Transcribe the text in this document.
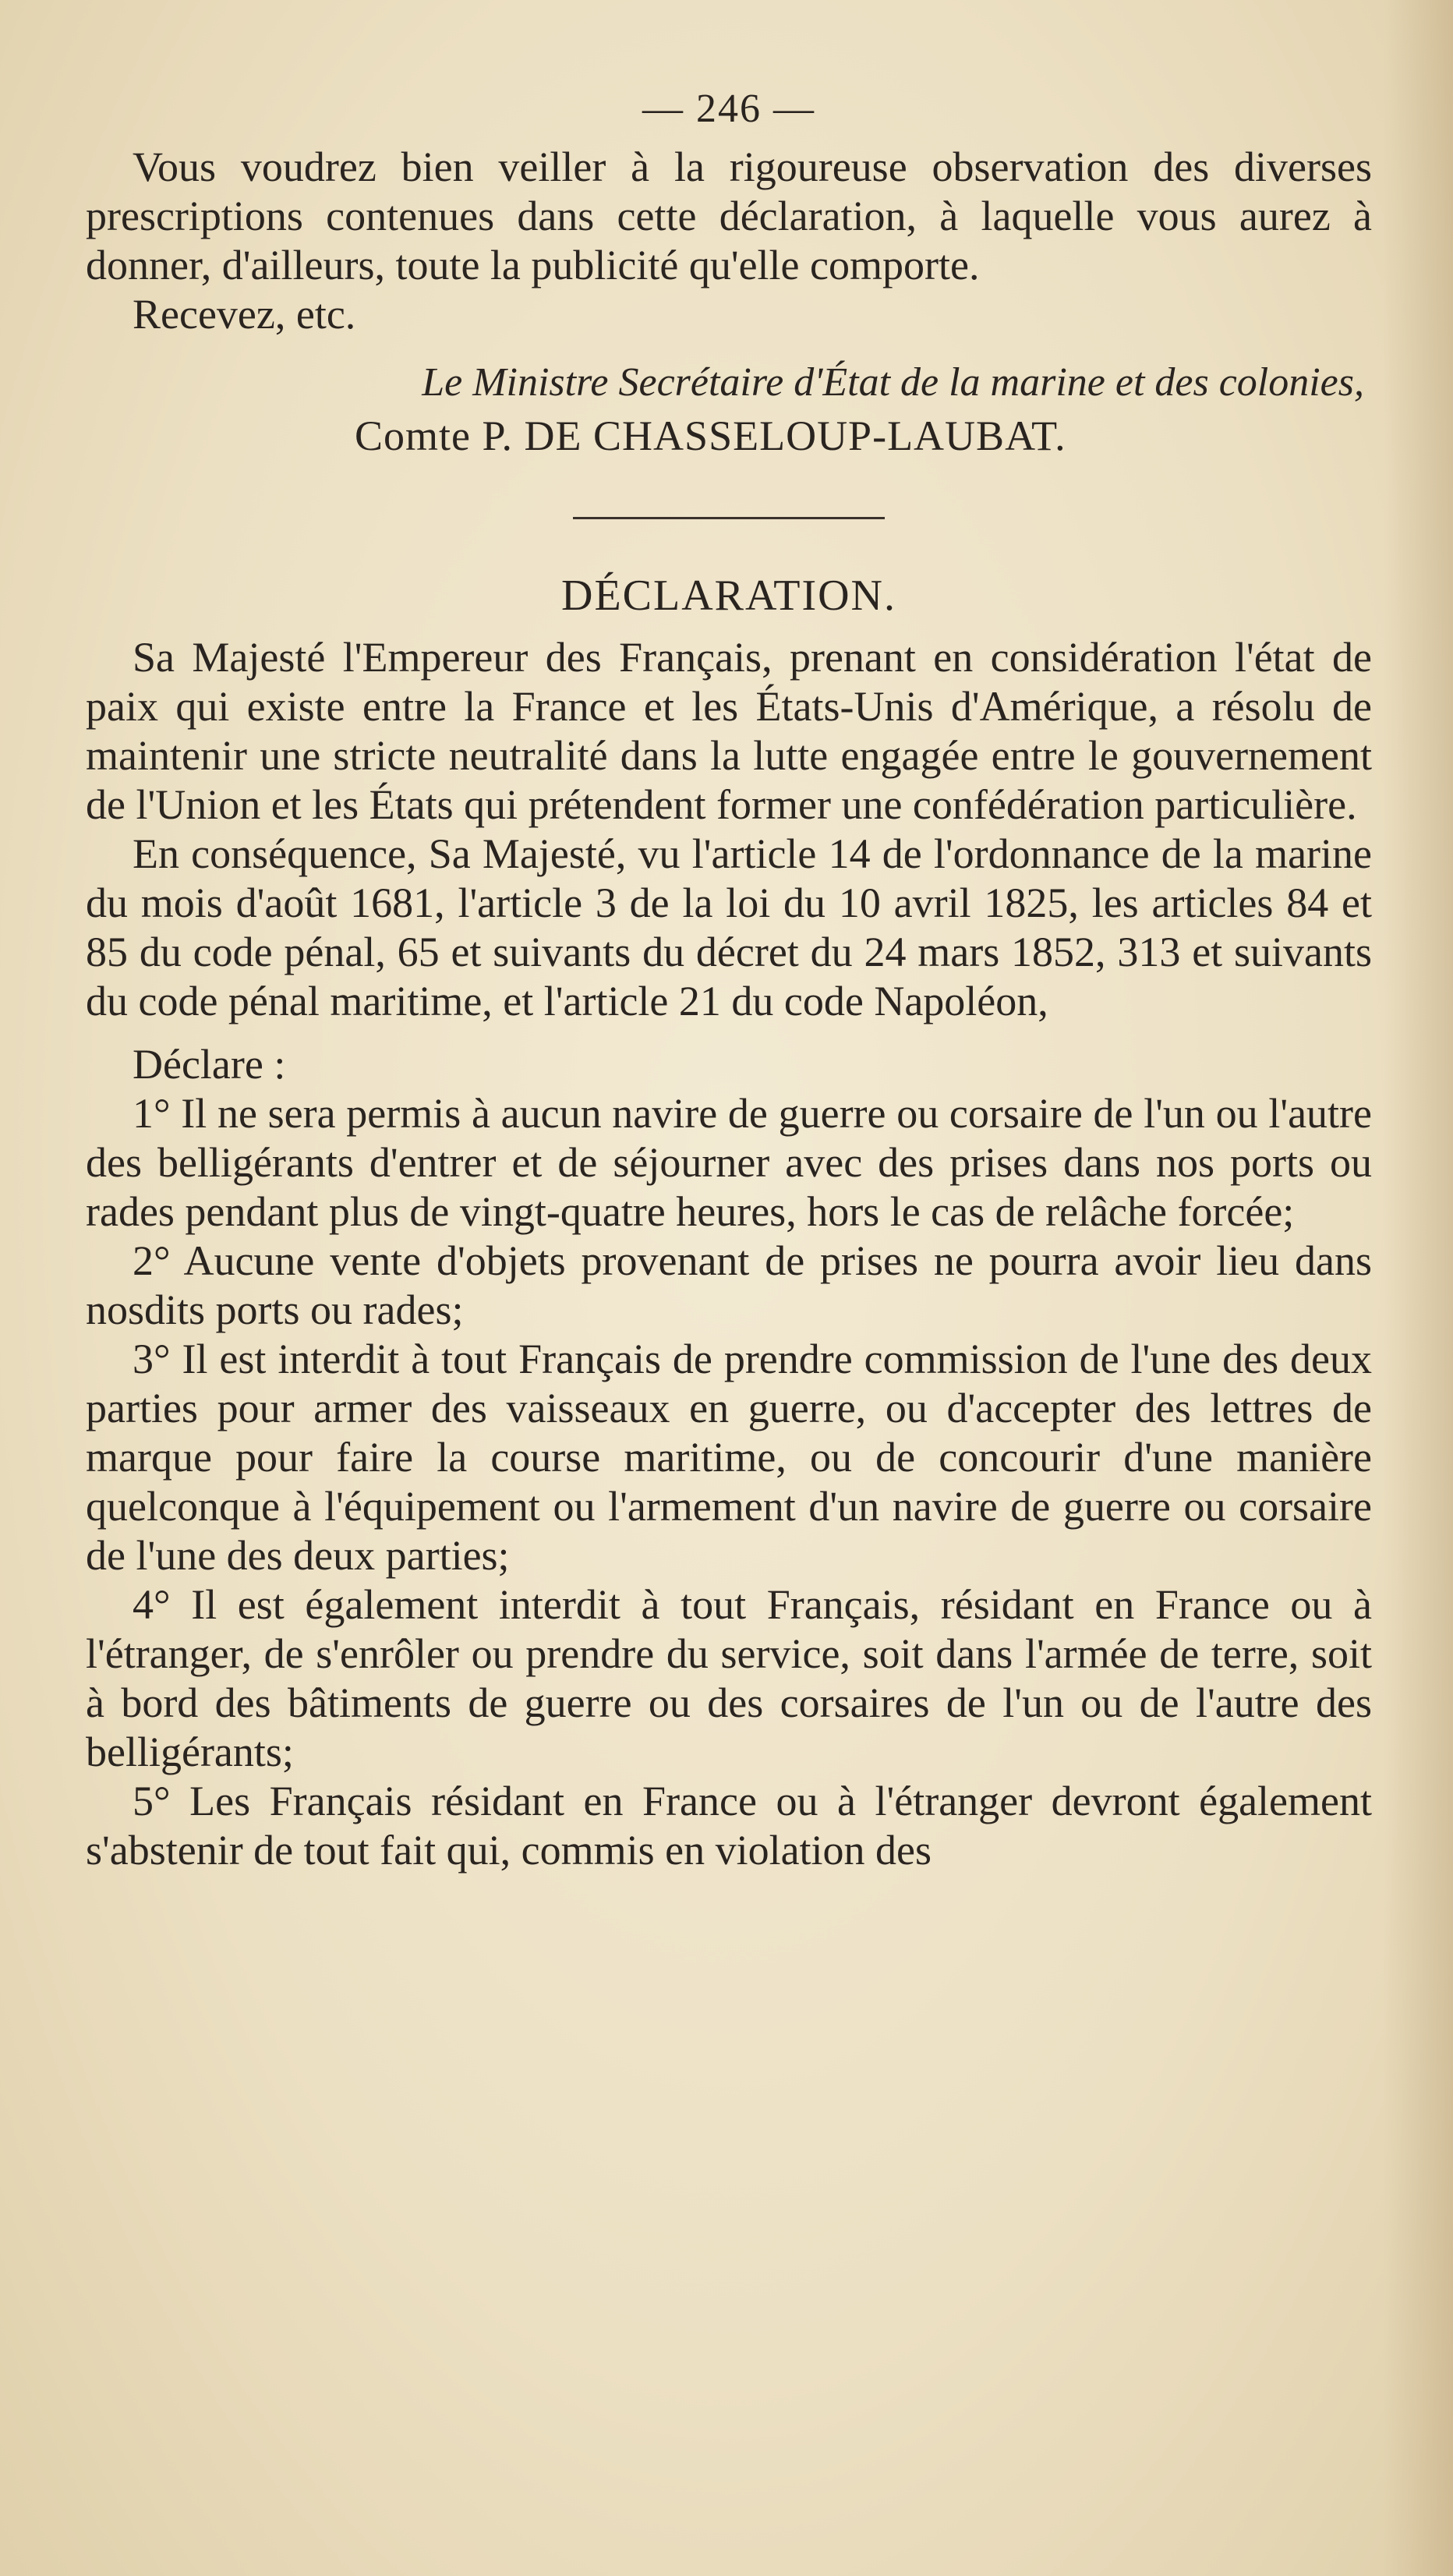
— 246 —

Vous voudrez bien veiller à la rigoureuse observation des diverses prescriptions contenues dans cette déclaration, à laquelle vous aurez à donner, d'ailleurs, toute la publicité qu'elle comporte.

Recevez, etc.

Le Ministre Secrétaire d'État de la marine et des colonies,

Comte P. DE CHASSELOUP-LAUBAT.

DÉCLARATION.

Sa Majesté l'Empereur des Français, prenant en considération l'état de paix qui existe entre la France et les États-Unis d'Amérique, a résolu de maintenir une stricte neutralité dans la lutte engagée entre le gouvernement de l'Union et les États qui prétendent former une confédération particulière.

En conséquence, Sa Majesté, vu l'article 14 de l'ordonnance de la marine du mois d'août 1681, l'article 3 de la loi du 10 avril 1825, les articles 84 et 85 du code pénal, 65 et suivants du décret du 24 mars 1852, 313 et suivants du code pénal maritime, et l'article 21 du code Napoléon,

Déclare :

1° Il ne sera permis à aucun navire de guerre ou corsaire de l'un ou l'autre des belligérants d'entrer et de séjourner avec des prises dans nos ports ou rades pendant plus de vingt-quatre heures, hors le cas de relâche forcée;

2° Aucune vente d'objets provenant de prises ne pourra avoir lieu dans nosdits ports ou rades;

3° Il est interdit à tout Français de prendre commission de l'une des deux parties pour armer des vaisseaux en guerre, ou d'accepter des lettres de marque pour faire la course maritime, ou de concourir d'une manière quelconque à l'équipement ou l'armement d'un navire de guerre ou corsaire de l'une des deux parties;

4° Il est également interdit à tout Français, résidant en France ou à l'étranger, de s'enrôler ou prendre du service, soit dans l'armée de terre, soit à bord des bâtiments de guerre ou des corsaires de l'un ou de l'autre des belligérants;

5° Les Français résidant en France ou à l'étranger devront également s'abstenir de tout fait qui, commis en violation des
